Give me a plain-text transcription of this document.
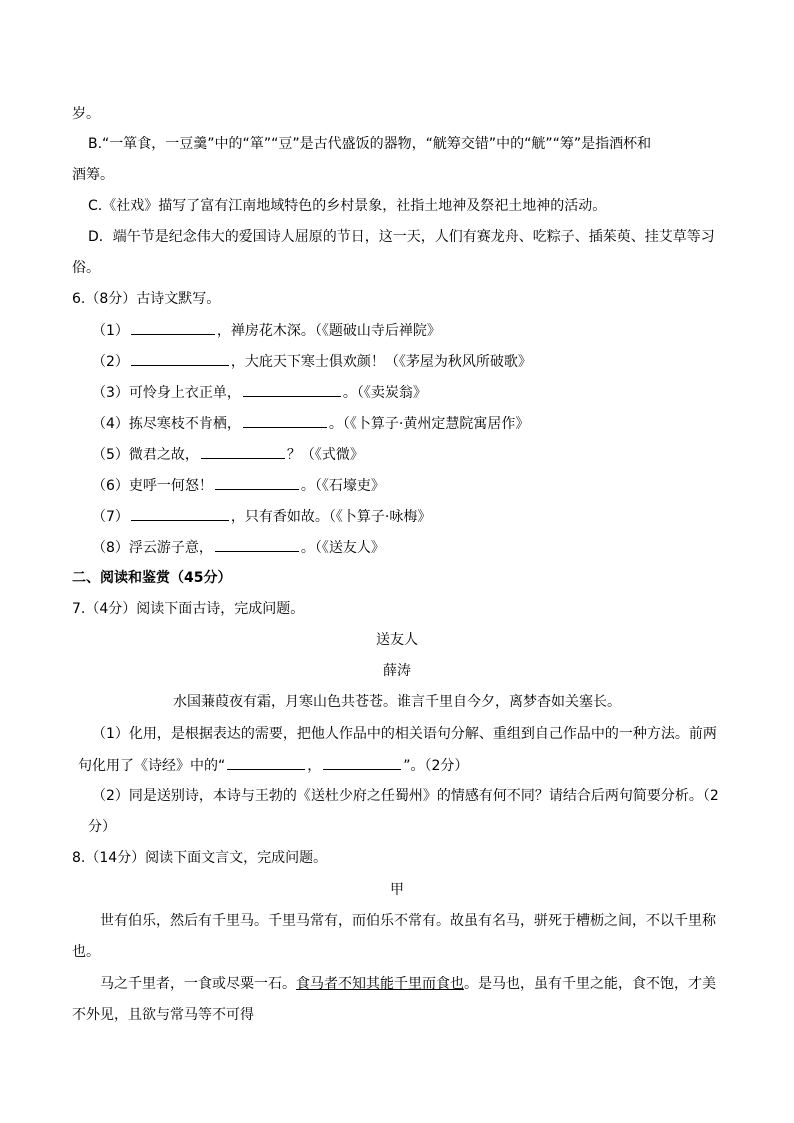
岁。
B.“一箪食，一豆羹”中的“箪”“豆”是古代盛饭的器物，“觥筹交错”中的“觥”“筹”是指酒杯和
酒筹。
C.《社戏》描写了富有江南地域特色的乡村景象，社指土地神及祭祀土地神的活动。
D．端午节是纪念伟大的爱国诗人屈原的节日，这一天，人们有赛龙舟、吃粽子、插茱萸、挂艾草等习
俗。
6.（8分）古诗文默写。
（1）	，禅房花木深。（《题破山寺后禅院》
（2）	，大庇天下寒士俱欢颜！（《茅屋为秋风所破歌》
（3）可怜身上衣正单，	。（《卖炭翁》
（4）拣尽寒枝不肯栖，	。（《卜算子·黄州定慧院寓居作》
（5）微君之故，	？（《式微》
（6）吏呼一何怒！	。（《石壕吏》
（7）	，只有香如故。（《卜算子·咏梅》
（8）浮云游子意，	。（《送友人》
二、阅读和鉴赏（45分）
7.（4分）阅读下面古诗，完成问题。
送友人
薛涛
水国蒹葭夜有霜，月寒山色共苍苍。谁言千里自今夕，离梦杳如关塞长。
（1）化用，是根据表达的需要，把他人作品中的相关语句分解、重组到自己作品中的一种方法。前两
句化用了《诗经》中的“	，	”。（2分）
（2）同是送别诗，本诗与王勃的《送杜少府之任蜀州》的情感有何不同？请结合后两句简要分析。（2
分）
8.（14分）阅读下面文言文，完成问题。
甲
世有伯乐，然后有千里马。千里马常有，而伯乐不常有。故虽有名马，骈死于槽枥之间，不以千里称
也。
马之千里者，一食或尽粟一石。食马者不知其能千里而食也。是马也，虽有千里之能，食不饱，才美
不外见，且欲与常马等不可得
